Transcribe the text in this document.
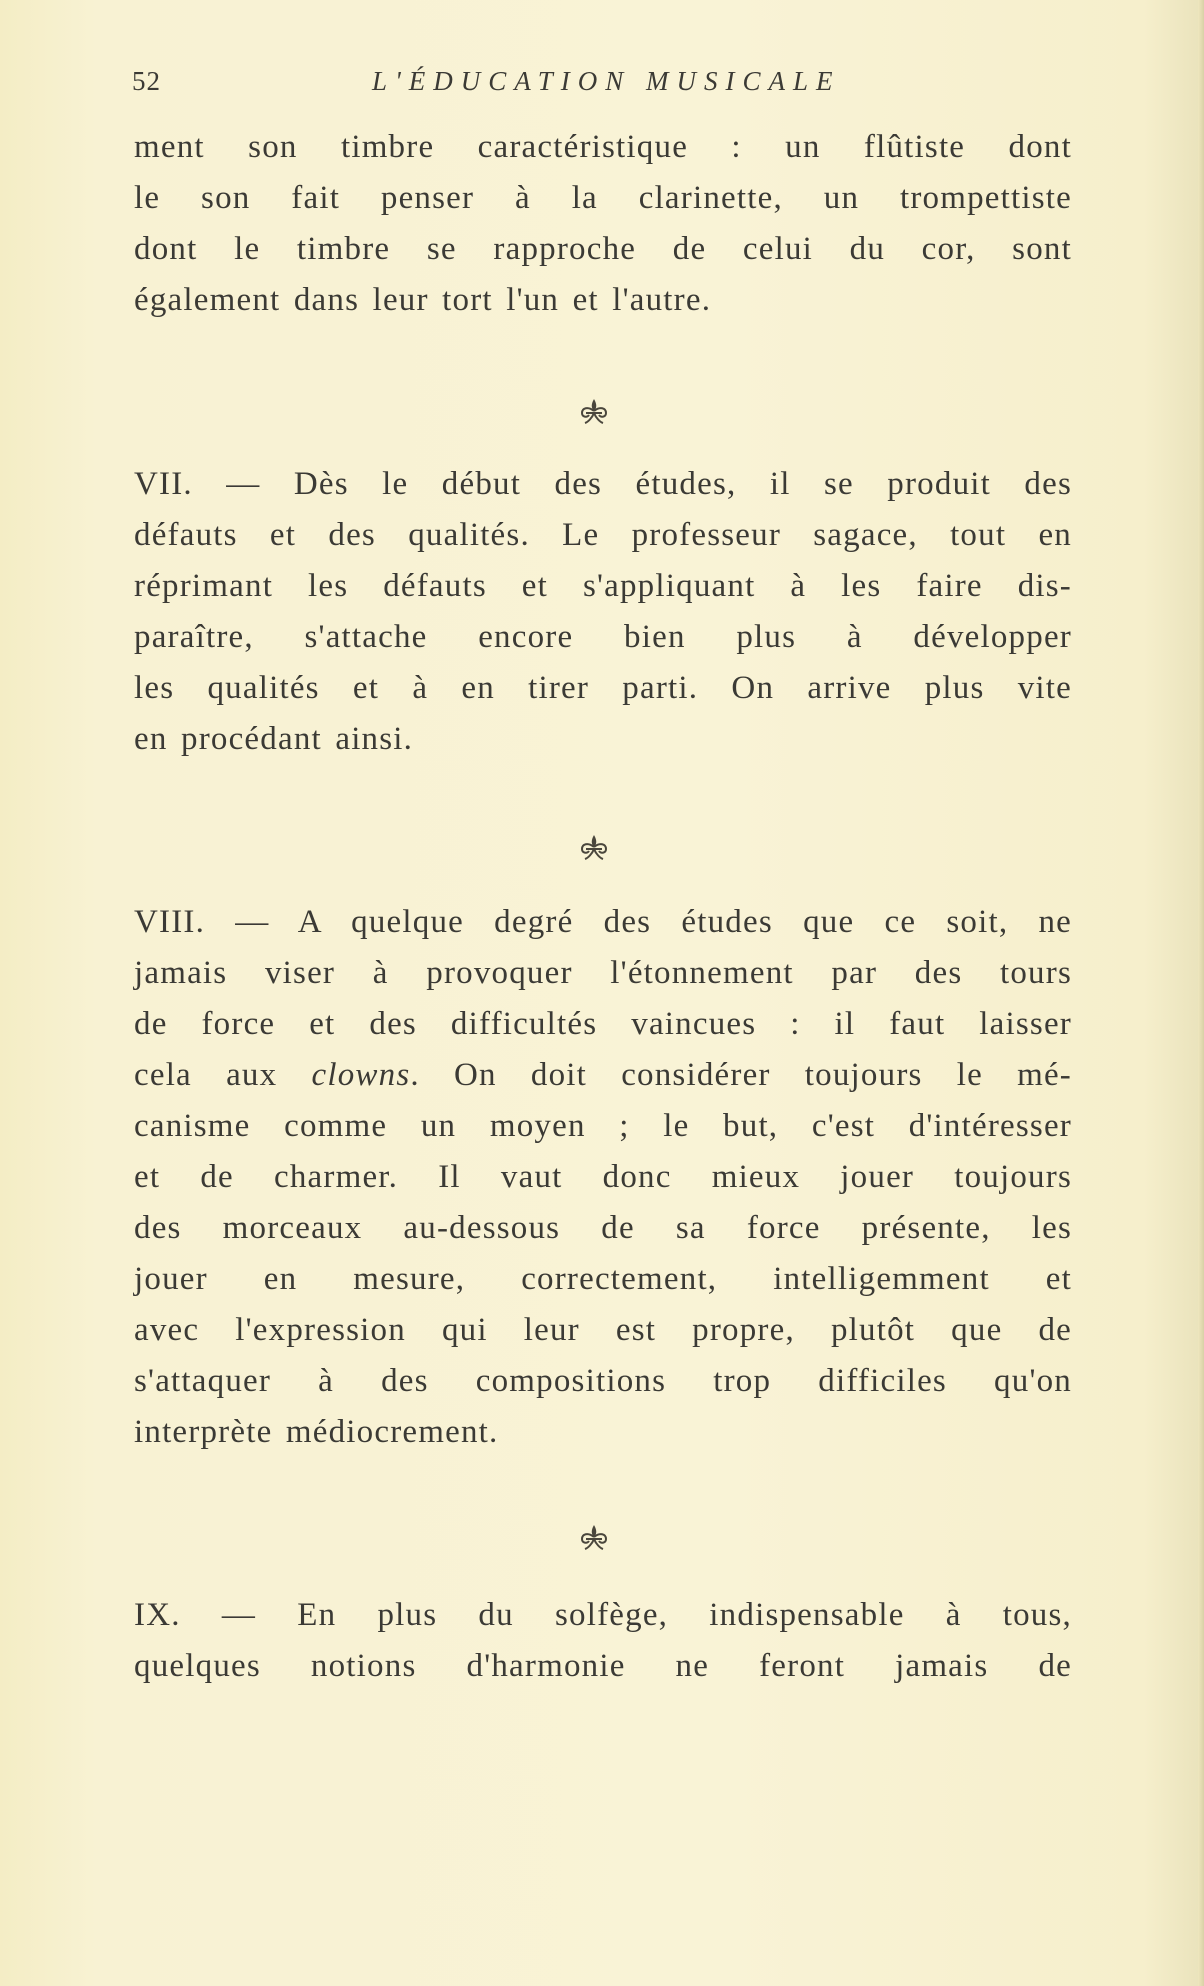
52	L'ÉDUCATION MUSICALE
ment son timbre caractéristique : un flûtiste dont
le son fait penser à la clarinette, un trompettiste
dont le timbre se rapproche de celui du cor, sont
également dans leur tort l'un et l'autre.
VII. — Dès le début des études, il se produit des
défauts et des qualités. Le professeur sagace, tout en
réprimant les défauts et s'appliquant à les faire dis-
paraître, s'attache encore bien plus à développer
les qualités et à en tirer parti. On arrive plus vite
en procédant ainsi.
VIII. — A quelque degré des études que ce soit, ne
jamais viser à provoquer l'étonnement par des tours
de force et des difficultés vaincues : il faut laisser
cela aux clowns. On doit considérer toujours le mé-
canisme comme un moyen ; le but, c'est d'intéresser
et de charmer. Il vaut donc mieux jouer toujours
des morceaux au-dessous de sa force présente, les
jouer en mesure, correctement, intelligemment et
avec l'expression qui leur est propre, plutôt que de
s'attaquer à des compositions trop difficiles qu'on
interprète médiocrement.
IX. — En plus du solfège, indispensable à tous,
quelques notions d'harmonie ne feront jamais de
